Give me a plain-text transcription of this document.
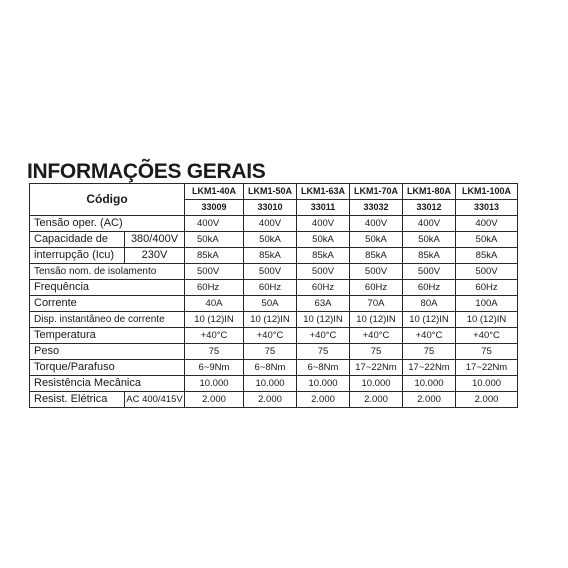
INFORMAÇÕES GERAIS
Código		LKM1-40A	LKM1-50A	LKM1-63A	LKM1-70A	LKM1-80A	LKM1-100A
		33009	33010	33011	33032	33012	33013
Tensão oper. (AC)		400V	400V	400V	400V	400V	400V
Capacidade de	380/400V	50kA	50kA	50kA	50kA	50kA	50kA
interrupção (Icu)	230V	85kA	85kA	85kA	85kA	85kA	85kA
Tensão nom. de isolamento		500V	500V	500V	500V	500V	500V
Frequência		60Hz	60Hz	60Hz	60Hz	60Hz	60Hz
Corrente		40A	50A	63A	70A	80A	100A
Disp. instantâneo de corrente		10 (12)IN	10 (12)IN	10 (12)IN	10 (12)IN	10 (12)IN	10 (12)IN
Temperatura		+40°C	+40°C	+40°C	+40°C	+40°C	+40°C
Peso		75	75	75	75	75	75
Torque/Parafuso		6~9Nm	6~8Nm	6~8Nm	17~22Nm	17~22Nm	17~22Nm
Resistência Mecânica		10.000	10.000	10.000	10.000	10.000	10.000
Resist. Elétrica	AC 400/415V	2.000	2.000	2.000	2.000	2.000	2.000
